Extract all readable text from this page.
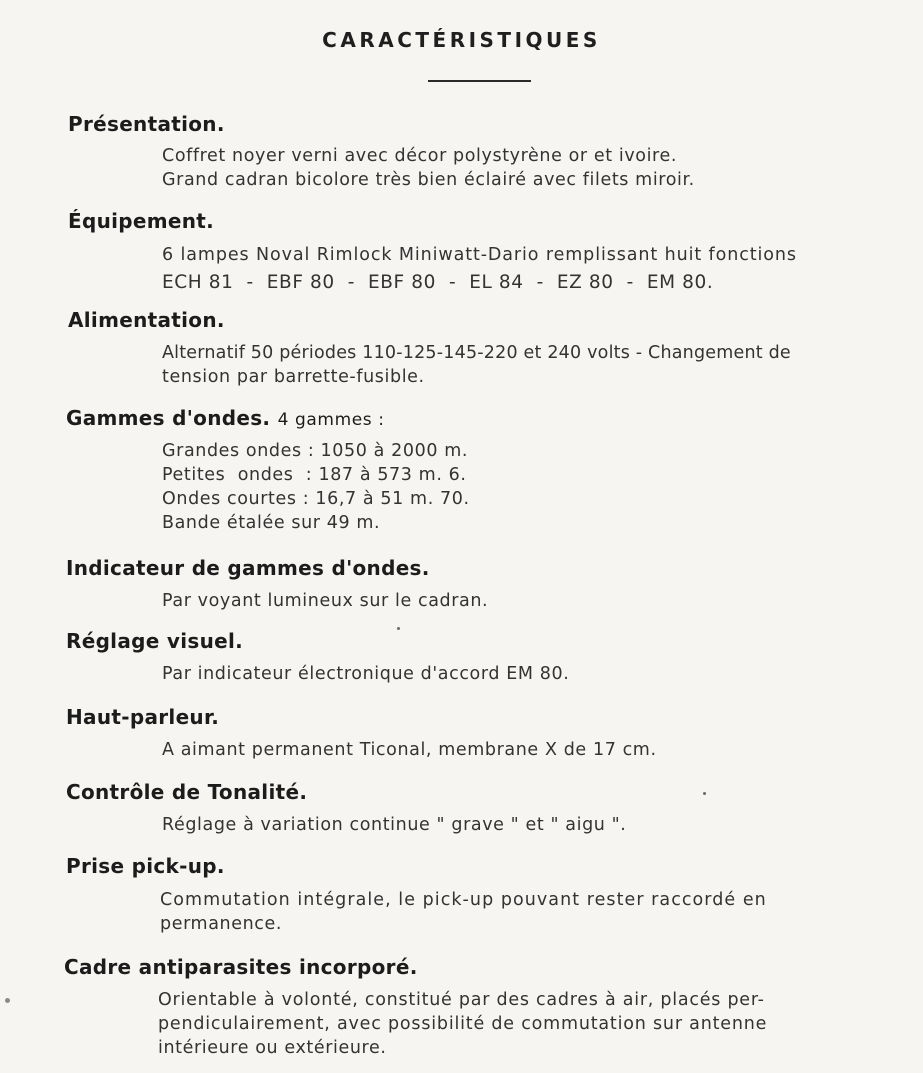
CARACTÉRISTIQUES
Présentation.
Coffret noyer verni avec décor polystyrène or et ivoire.
Grand cadran bicolore très bien éclairé avec filets miroir.
Équipement.
6 lampes Noval Rimlock Miniwatt-Dario remplissant huit fonctions
ECH 81  -  EBF 80  -  EBF 80  -  EL 84  -  EZ 80  -  EM 80.
Alimentation.
Alternatif 50 périodes 110-125-145-220 et 240 volts - Changement de
tension par barrette-fusible.
Gammes d'ondes. 4 gammes :
Grandes ondes : 1050 à 2000 m.
Petites  ondes  : 187 à 573 m. 6.
Ondes courtes : 16,7 à 51 m. 70.
Bande étalée sur 49 m.
Indicateur de gammes d'ondes.
Par voyant lumineux sur le cadran.
Réglage visuel.
Par indicateur électronique d'accord EM 80.
Haut-parleur.
A aimant permanent Ticonal, membrane X de 17 cm.
Contrôle de Tonalité.
Réglage à variation continue " grave " et " aigu ".
Prise pick-up.
Commutation intégrale, le pick-up pouvant rester raccordé en
permanence.
Cadre antiparasites incorporé.
Orientable à volonté, constitué par des cadres à air, placés per-
pendiculairement, avec possibilité de commutation sur antenne
intérieure ou extérieure.
